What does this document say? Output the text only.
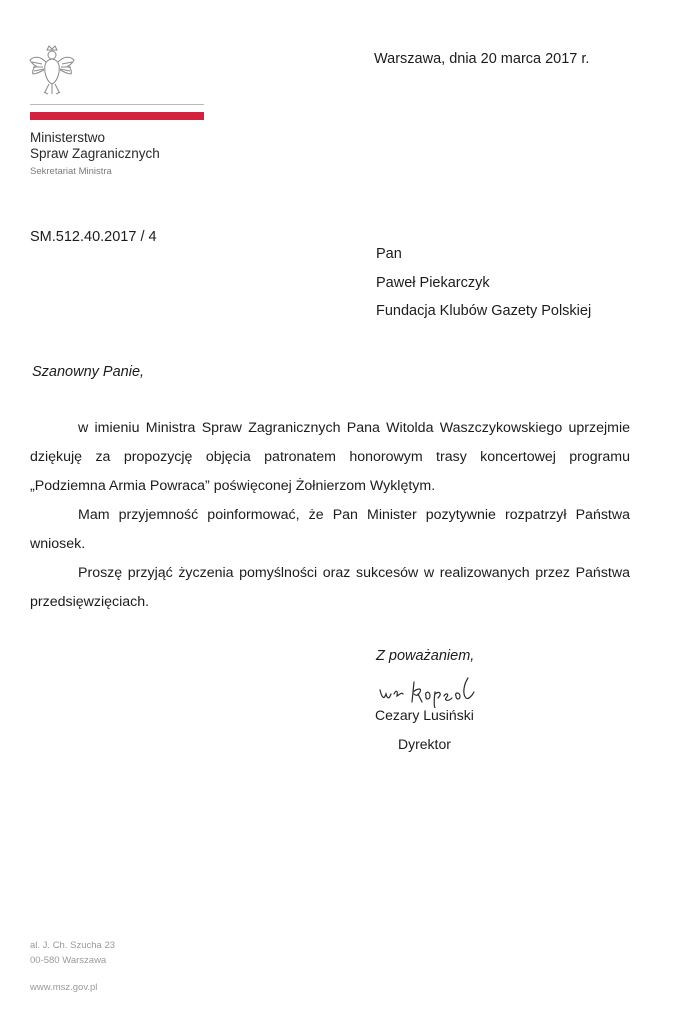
Ministerstwo
Spraw Zagranicznych
Sekretariat Ministra
Warszawa, dnia 20 marca 2017 r.
SM.512.40.2017 / 4
Pan
Paweł Piekarczyk
Fundacja Klubów Gazety Polskiej
Szanowny Panie,

w imieniu Ministra Spraw Zagranicznych Pana Witolda Waszczykowskiego uprzejmie dziękuję za propozycję objęcia patronatem honorowym trasy koncertowej programu „Podziemna Armia Powraca” poświęconej Żołnierzom Wyklętym.

Mam przyjemność poinformować, że Pan Minister pozytywnie rozpatrzył Państwa wniosek.

Proszę przyjąć życzenia pomyślności oraz sukcesów w realizowanych przez Państwa przedsięwzięciach.

Z poważaniem,
Cezary Lusiński
Dyrektor
al. J. Ch. Szucha 23
00-580 Warszawa
www.msz.gov.pl
